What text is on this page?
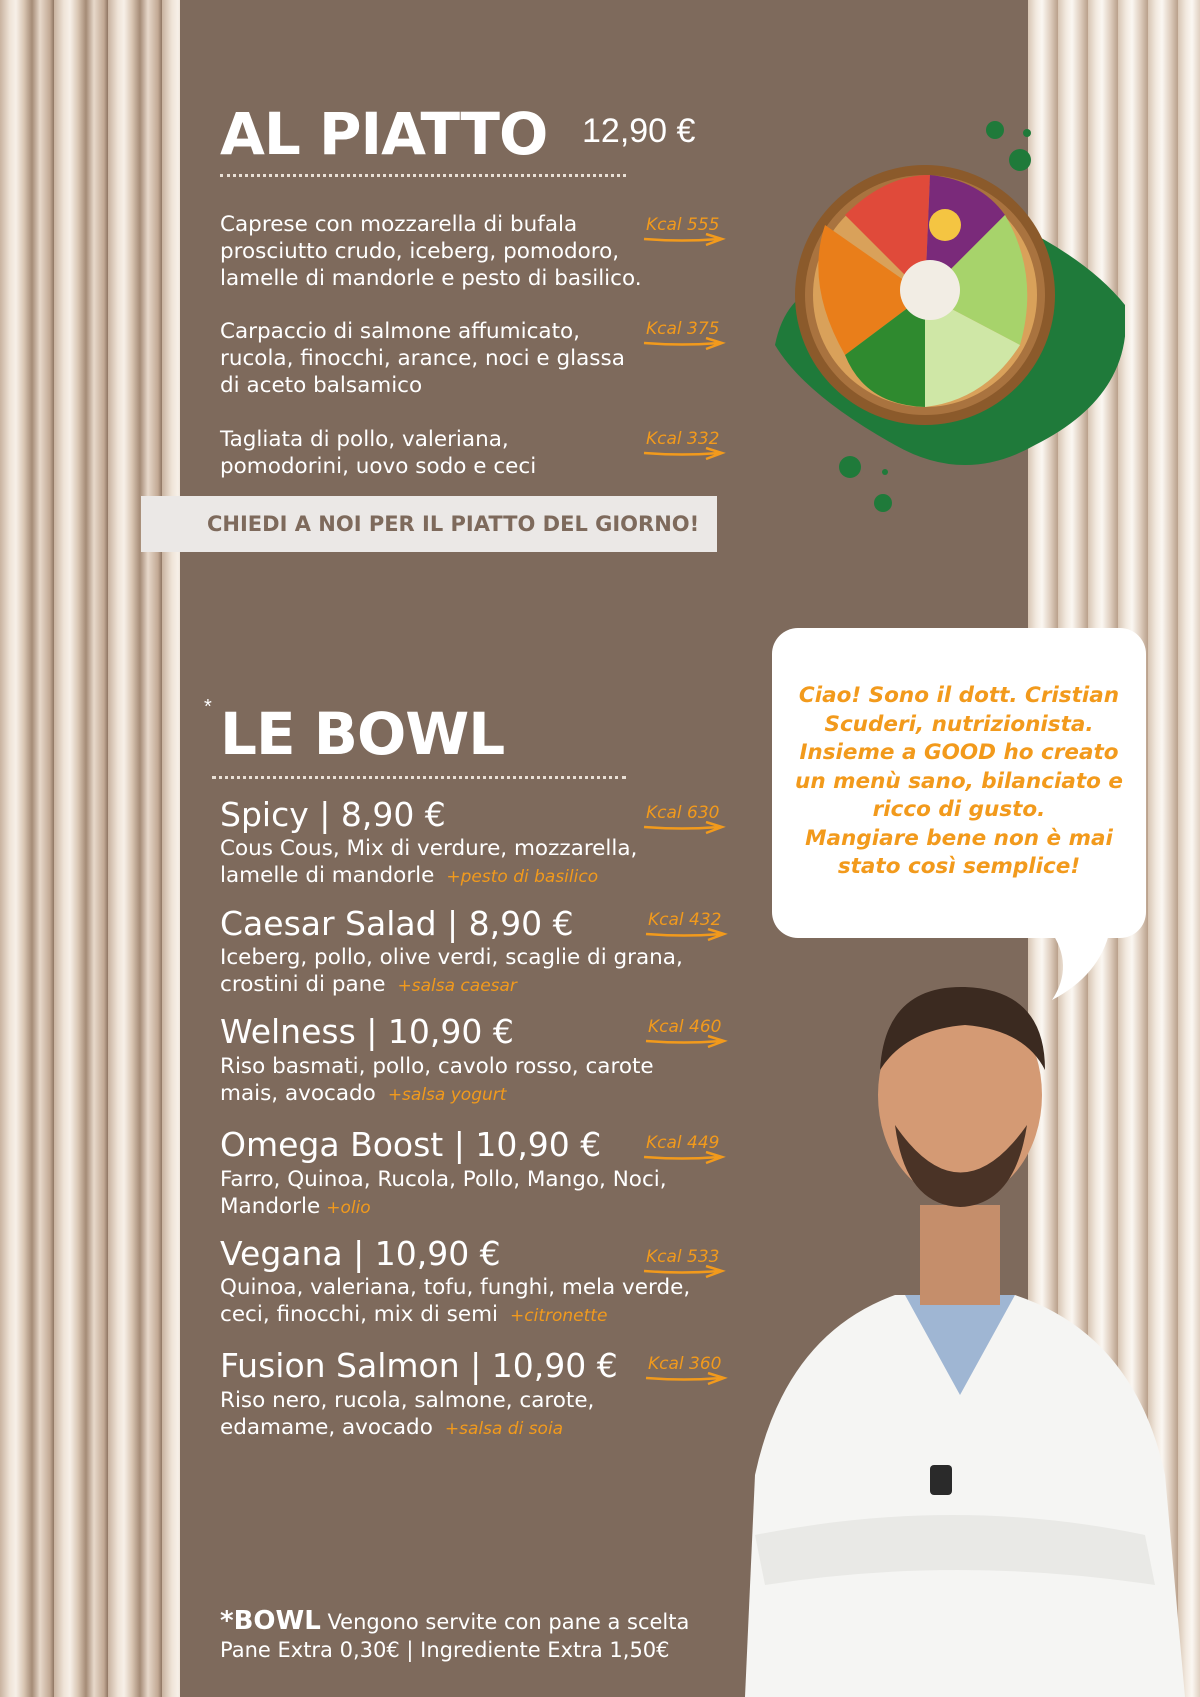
AL PIATTO 12,90 €
Caprese con mozzarella di bufala
prosciutto crudo, iceberg, pomodoro,
lamelle di mandorle e pesto di basilico.
Kcal 555
Carpaccio di salmone affumicato,
rucola, finocchi, arance, noci e glassa
di aceto balsamico
Kcal 375
Tagliata di pollo, valeriana,
pomodorini, uovo sodo e ceci
Kcal 332
CHIEDI A NOI PER IL PIATTO DEL GIORNO!
Ciao! Sono il dott. Cristian
Scuderi, nutrizionista.
Insieme a GOOD ho creato
un menù sano, bilanciato e
ricco di gusto.
Mangiare bene non è mai
stato così semplice!
* LE BOWL
Spicy | 8,90 €
Cous Cous, Mix di verdure, mozzarella,
lamelle di mandorle +pesto di basilico
Kcal 630
Caesar Salad | 8,90 €
Iceberg, pollo, olive verdi, scaglie di grana,
crostini di pane +salsa caesar
Kcal 432
Welness | 10,90 €
Riso basmati, pollo, cavolo rosso, carote
mais, avocado +salsa yogurt
Kcal 460
Omega Boost | 10,90 €
Farro, Quinoa, Rucola, Pollo, Mango, Noci,
Mandorle +olio
Kcal 449
Vegana | 10,90 €
Quinoa, valeriana, tofu, funghi, mela verde,
ceci, finocchi, mix di semi +citronette
Kcal 533
Fusion Salmon | 10,90 €
Riso nero, rucola, salmone, carote,
edamame, avocado +salsa di soia
Kcal 360
*BOWL Vengono servite con pane a scelta
Pane Extra 0,30€ | Ingrediente Extra 1,50€
